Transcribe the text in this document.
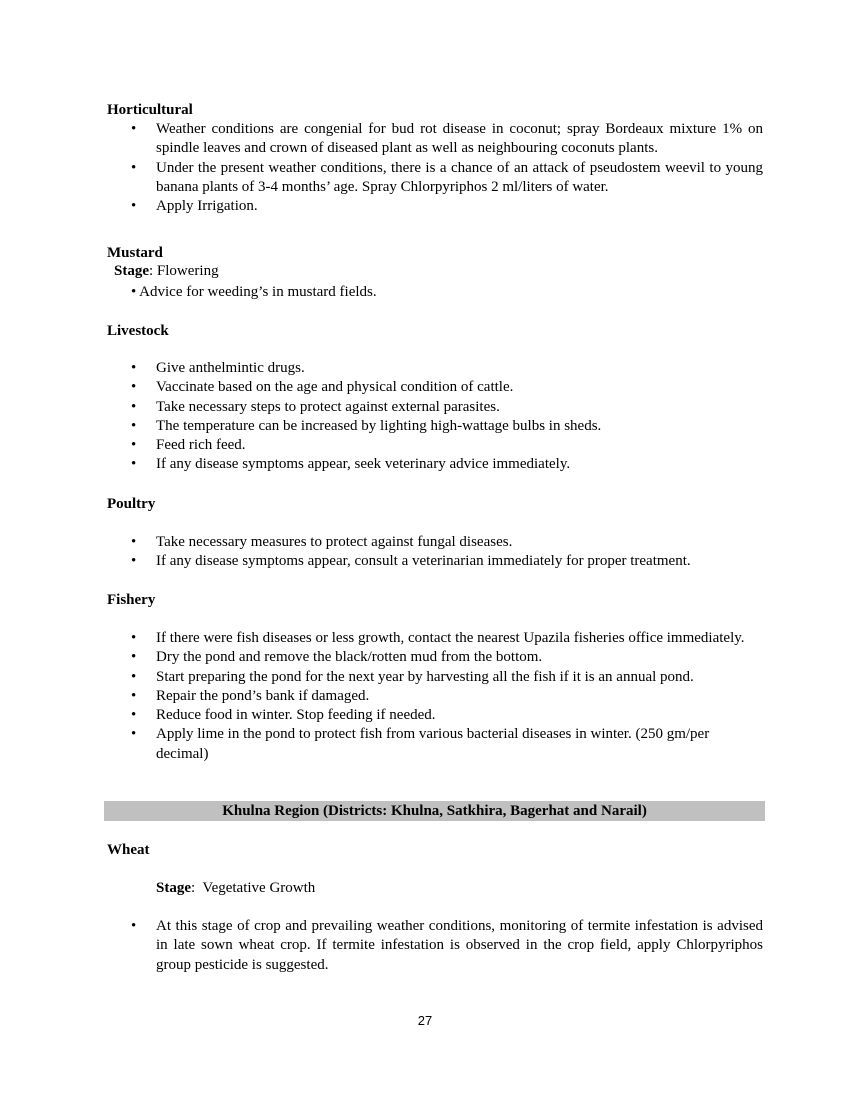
Horticultural
• Weather conditions are congenial for bud rot disease in coconut; spray Bordeaux mixture 1% on spindle leaves and crown of diseased plant as well as neighbouring coconuts plants.
• Under the present weather conditions, there is a chance of an attack of pseudostem weevil to young banana plants of 3-4 months’ age. Spray Chlorpyriphos 2 ml/liters of water.
• Apply Irrigation.
Mustard
Stage: Flowering
• Advice for weeding’s in mustard fields.
Livestock
• Give anthelmintic drugs.
• Vaccinate based on the age and physical condition of cattle.
• Take necessary steps to protect against external parasites.
• The temperature can be increased by lighting high-wattage bulbs in sheds.
• Feed rich feed.
• If any disease symptoms appear, seek veterinary advice immediately.
Poultry
• Take necessary measures to protect against fungal diseases.
• If any disease symptoms appear, consult a veterinarian immediately for proper treatment.
Fishery
• If there were fish diseases or less growth, contact the nearest Upazila fisheries office immediately.
• Dry the pond and remove the black/rotten mud from the bottom.
• Start preparing the pond for the next year by harvesting all the fish if it is an annual pond.
• Repair the pond’s bank if damaged.
• Reduce food in winter. Stop feeding if needed.
• Apply lime in the pond to protect fish from various bacterial diseases in winter. (250 gm/per decimal)
Khulna Region (Districts: Khulna, Satkhira, Bagerhat and Narail)
Wheat
Stage:  Vegetative Growth
• At this stage of crop and prevailing weather conditions, monitoring of termite infestation is advised in late sown wheat crop. If termite infestation is observed in the crop field, apply Chlorpyriphos group pesticide is suggested.
27
